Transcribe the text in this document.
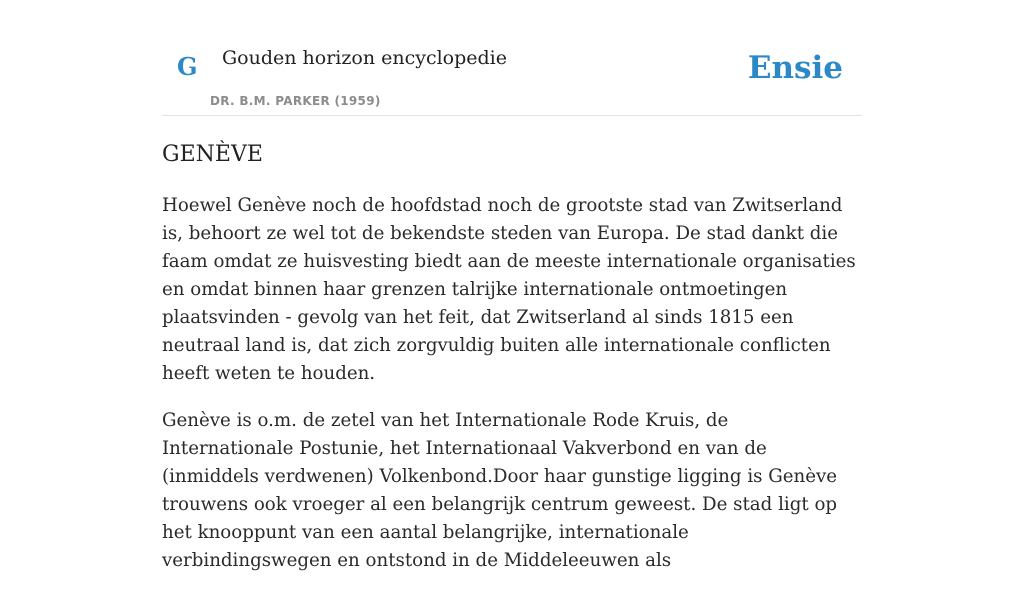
G Gouden horizon encyclopedie
DR. B.M. PARKER (1959)
Ensie
GENÈVE

Hoewel Genève noch de hoofdstad noch de grootste stad van Zwitserland is, behoort ze wel tot de bekendste steden van Europa. De stad dankt die faam omdat ze huisvesting biedt aan de meeste internationale organisaties en omdat binnen haar grenzen talrijke internationale ontmoetingen plaatsvinden - gevolg van het feit, dat Zwitserland al sinds 1815 een neutraal land is, dat zich zorgvuldig buiten alle internationale conflicten heeft weten te houden.

Genève is o.m. de zetel van het Internationale Rode Kruis, de Internationale Postunie, het Internationaal Vakverbond en van de (inmiddels verdwenen) Volkenbond.Door haar gunstige ligging is Genève trouwens ook vroeger al een belangrijk centrum geweest. De stad ligt op het knooppunt van een aantal belangrijke, internationale verbindingswegen en ontstond in de Middeleeuwen als
